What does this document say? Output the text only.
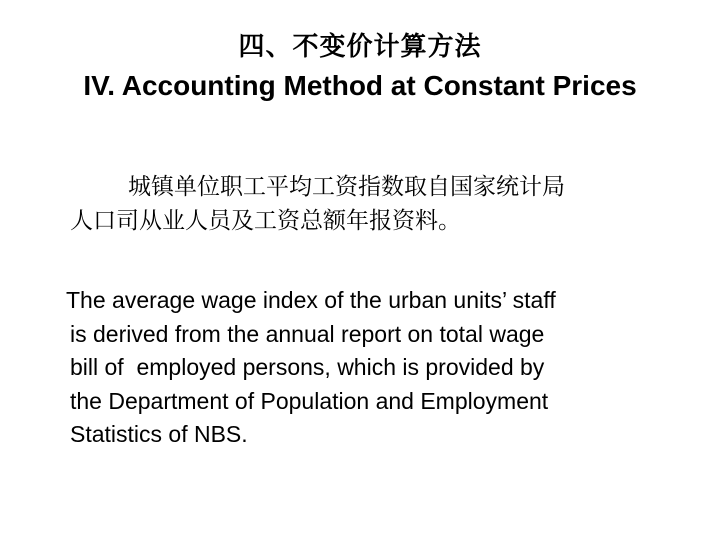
四、不变价计算方法
IV. Accounting Method at Constant Prices
城镇单位职工平均工资指数取自国家统计局
人口司从业人员及工资总额年报资料。
The average wage index of the urban units’ staff
is derived from the annual report on total wage
bill of  employed persons, which is provided by
the Department of Population and Employment
Statistics of NBS.
